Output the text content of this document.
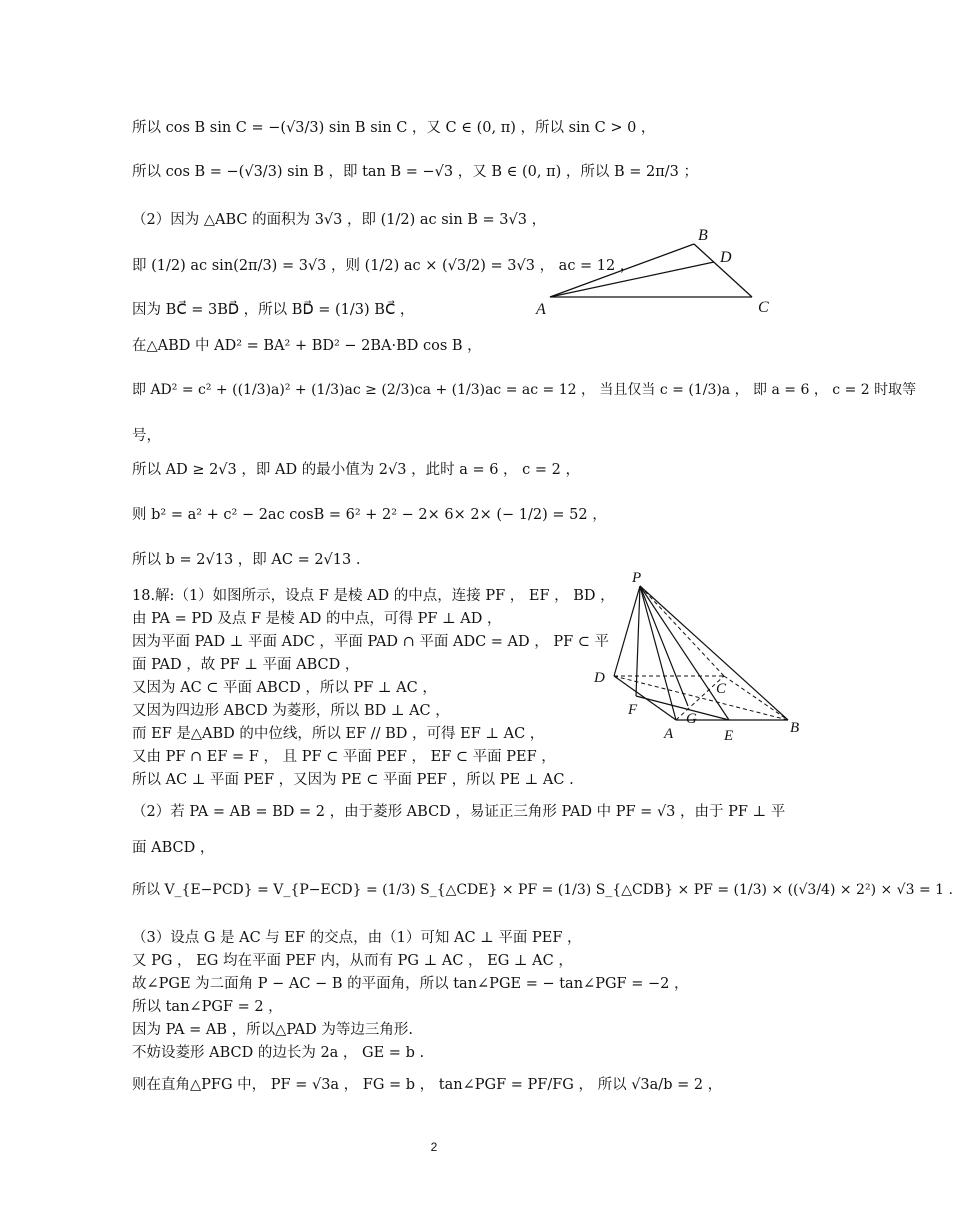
所以 cos B sin C = −(√3/3) sin B sin C ，又 C ∈ (0, π) ，所以 sin C > 0 ，
所以 cos B = −(√3/3) sin B ，即 tan B = −√3 ，又 B ∈ (0, π) ，所以 B = 2π/3 ；
（2）因为 △ABC 的面积为 3√3 ，即 (1/2) ac sin B = 3√3 ，
即 (1/2) ac sin(2π/3) = 3√3 ，则 (1/2) ac × (√3/2) = 3√3 ， ac = 12 ，
因为 BC⃗ = 3BD⃗ ，所以 BD⃗ = (1/3) BC⃗ ，
在△ABD 中 AD² = BA² + BD² − 2BA·BD cos B ，
即 AD² = c² + ((1/3)a)² + (1/3)ac ≥ (2/3)ca + (1/3)ac = ac = 12 ， 当且仅当 c = (1/3)a ， 即 a = 6 ， c = 2 时取等
号，
所以 AD ≥ 2√3 ，即 AD 的最小值为 2√3 ，此时 a = 6 ， c = 2 ，
则 b² = a² + c² − 2ac cosB = 6² + 2² − 2× 6× 2× (− 1/2) = 52 ，
所以 b = 2√13 ，即 AC = 2√13 .
18.解:（1）如图所示，设点 F 是棱 AD 的中点，连接 PF ， EF ， BD ，
由 PA = PD 及点 F 是棱 AD 的中点，可得 PF ⊥ AD ，
因为平面 PAD ⊥ 平面 ADC ，平面 PAD ∩ 平面 ADC = AD ， PF ⊂ 平
面 PAD ，故 PF ⊥ 平面 ABCD ，
又因为 AC ⊂ 平面 ABCD ，所以 PF ⊥ AC ，
又因为四边形 ABCD 为菱形，所以 BD ⊥ AC ，
而 EF 是△ABD 的中位线，所以 EF // BD ，可得 EF ⊥ AC ，
又由 PF ∩ EF = F ， 且 PF ⊂ 平面 PEF ， EF ⊂ 平面 PEF ，
所以 AC ⊥ 平面 PEF ，又因为 PE ⊂ 平面 PEF ，所以 PE ⊥ AC .
（2）若 PA = AB = BD = 2 ，由于菱形 ABCD ，易证正三角形 PAD 中 PF = √3 ，由于 PF ⊥ 平
面 ABCD ，
所以 V_{E−PCD} = V_{P−ECD} = (1/3) S_{△CDE} × PF = (1/3) S_{△CDB} × PF = (1/3) × ((√3/4) × 2²) × √3 = 1 .
（3）设点 G 是 AC 与 EF 的交点，由（1）可知 AC ⊥ 平面 PEF ，
又 PG ， EG 均在平面 PEF 内，从而有 PG ⊥ AC ， EG ⊥ AC ，
故∠PGE 为二面角 P − AC − B 的平面角，所以 tan∠PGE = − tan∠PGF = −2 ，
所以 tan∠PGF = 2 ，
因为 PA = AB ，所以△PAD 为等边三角形.
不妨设菱形 ABCD 的边长为 2a ， GE = b .
则在直角△PFG 中， PF = √3a ， FG = b ， tan∠PGF = PF/FG ， 所以 √3a/b = 2 ，
2
A
B
D
C
P
D
C
F
G
A	E	B
